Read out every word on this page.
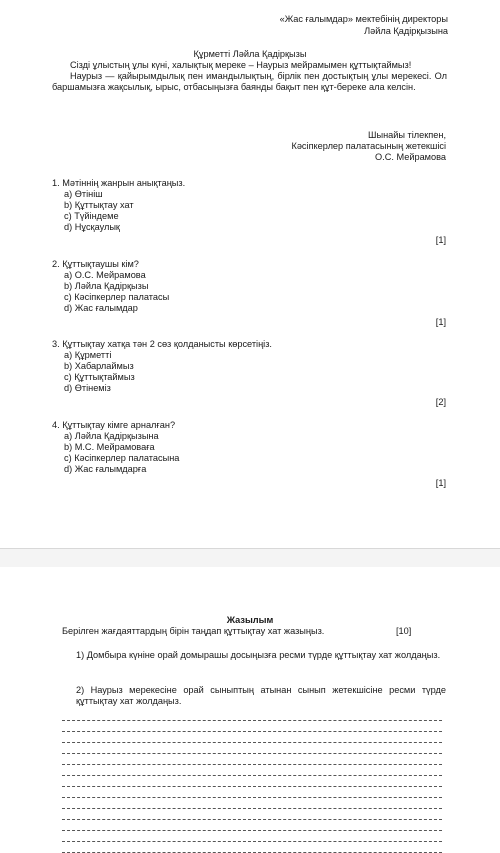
«Жас ғалымдар» мектебінің директоры
Ләйла Қадірқызына
Құрметті Ләйла Қадірқызы

Сізді ұлыстың ұлы күні, халықтық мереке – Наурыз мейрамымен құттықтаймыз!

Наурыз — қайырымдылық пен имандылықтың, бірлік пен достықтың ұлы мерекесі. Ол баршамызға жақсылық, ырыс, отбасыңызға баянды бақыт пен құт-береке ала келсін.

Шынайы тілекпен,
Кәсіпкерлер палатасының жетекшісі
О.С. Мейрамова

1. Мәтіннің жанрын анықтаңыз.

a) Өтініш

b) Құттықтау хат

c) Түйіндеме

d) Нұсқаулық

[1]

2. Құттықтаушы кім?

a) О.С. Мейрамова

b) Ләйла Қадірқызы

c) Кәсіпкерлер палатасы

d) Жас ғалымдар

[1]

3. Құттықтау хатқа тән 2 сөз қолданысты көрсетіңіз.

a) Құрметті

b) Хабарлаймыз

c) Құттықтаймыз

d) Өтінеміз

[2]

4. Құттықтау кімге арналған?

a) Ләйла Қадірқызына

b) М.С. Мейрамоваға

c) Кәсіпкерлер палатасына

d) Жас ғалымдарға

[1]
Жазылым
Берілген жағдаяттардың бірін таңдап құттықтау хат жазыңыз.	[10]
1) Домбыра күніне орай домырашы досыңызға ресми түрде құттықтау хат жолдаңыз.
2) Наурыз мерекесіне орай сыныптың атынан сынып жетекшісіне ресми түрде құттықтау хат жолдаңыз.
